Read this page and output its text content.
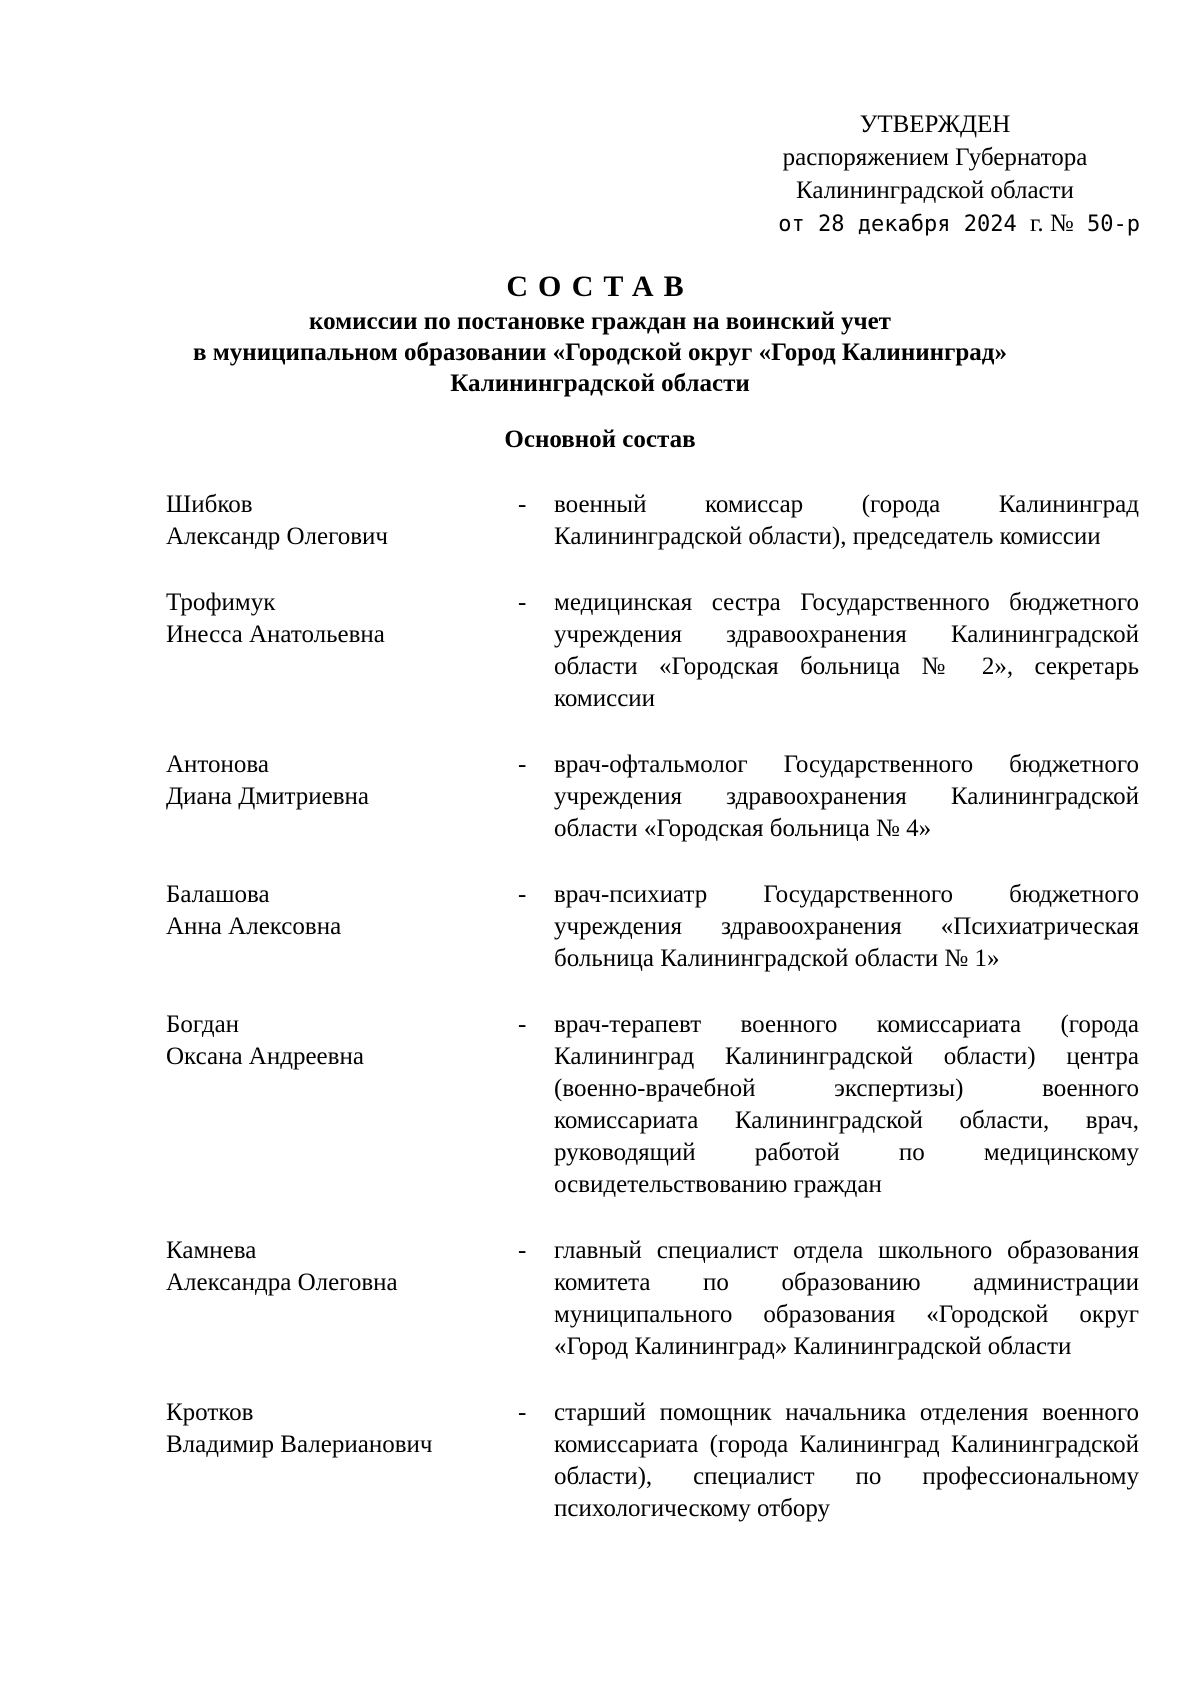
УТВЕРЖДЕН
распоряжением Губернатора
Калининградской области
от 28 декабря 2024 г. № 50-р
СОСТАВ
комиссии по постановке граждан на воинский учет
в муниципальном образовании «Городской округ «Город Калининград»
Калининградской области
Основной состав
Шибков
Александр Олегович
-	военный комиссар (города Калининград Калининградской области), председатель комиссии
Трофимук
Инесса Анатольевна
-	медицинская сестра Государственного бюджетного учреждения здравоохранения Калининградской области «Городская больница № 2», секретарь комиссии
Антонова
Диана Дмитриевна
-	врач-офтальмолог Государственного бюджетного учреждения здравоохранения Калининградской области «Городская больница № 4»
Балашова
Анна Алексовна
-	врач-психиатр Государственного бюджетного учреждения здравоохранения «Психиатрическая больница Калининградской области № 1»
Богдан
Оксана Андреевна
-	врач-терапевт военного комиссариата (города Калининград Калининградской области) центра (военно-врачебной экспертизы) военного комиссариата Калининградской области, врач, руководящий работой по медицинскому освидетельствованию граждан
Камнева
Александра Олеговна
-	главный специалист отдела школьного образования комитета по образованию администрации муниципального образования «Городской округ «Город Калининград» Калининградской области
Кротков
Владимир Валерианович
-	старший помощник начальника отделения военного комиссариата (города Калининград Калининградской области), специалист по профессиональному психологическому отбору
